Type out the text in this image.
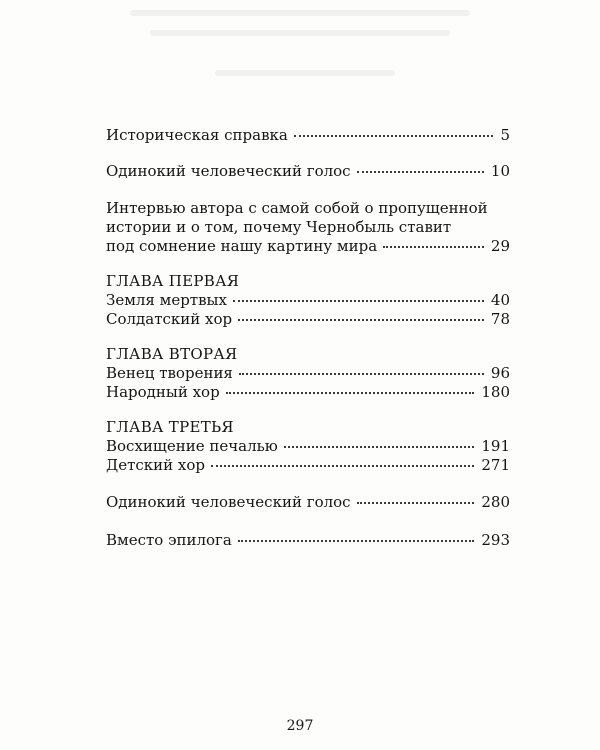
Историческая справка	5
Одинокий человеческий голос	10
Интервью автора с самой собой о пропущенной
истории и о том, почему Чернобыль ставит
под сомнение нашу картину мира	29
ГЛАВА ПЕРВАЯ
Земля мертвых	40
Солдатский хор	78
ГЛАВА ВТОРАЯ
Венец творения	96
Народный хор	180
ГЛАВА ТРЕТЬЯ
Восхищение печалью	191
Детский хор	271
Одинокий человеческий голос	280
Вместо эпилога	293
297
